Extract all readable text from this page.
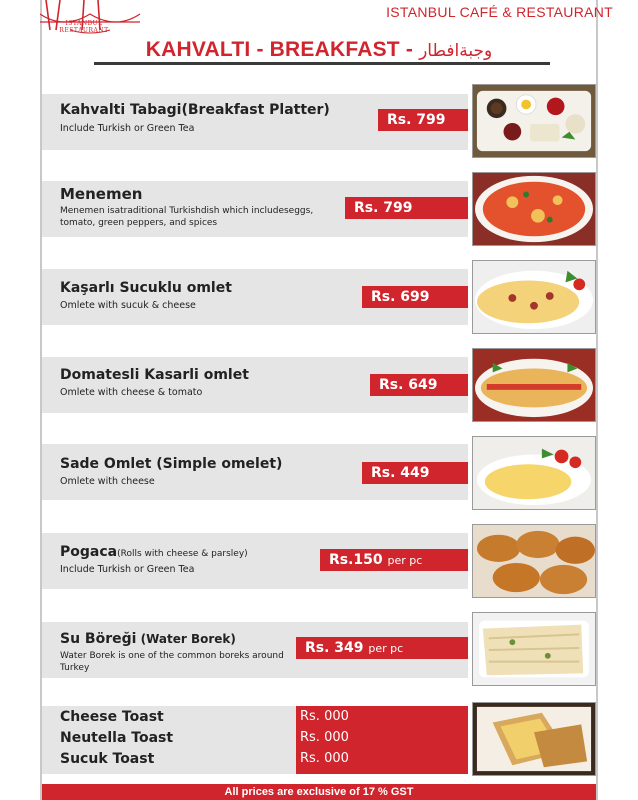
ISTANBUL
RESTAURANT
ISTANBUL CAFÉ & RESTAURANT
KAHVALTI - BREAKFAST - وجبةافطار
Kahvalti Tabagi(Breakfast Platter)
Include Turkish or Green Tea
Rs. 799
Menemen
Menemen isatraditional Turkishdish which includeseggs, tomato, green peppers, and spices
Rs. 799
Kaşarlı Sucuklu omlet
Omlete with sucuk & cheese
Rs. 699
Domatesli Kasarli omlet
Omlete with cheese & tomato	Rs. 649
Sade Omlet (Simple omelet)
Omlete with cheese
Rs. 449
Pogaca(Rolls with cheese & parsley)
Include Turkish or Green Tea
Rs.150 per pc
Su Böreği (Water Borek)
Water Borek is one of the common boreks around Turkey
Rs. 349 per pc
Cheese Toast
Neutella Toast
Sucuk Toast
Rs. 000
Rs. 000
Rs. 000
All prices are exclusive of 17 % GST
